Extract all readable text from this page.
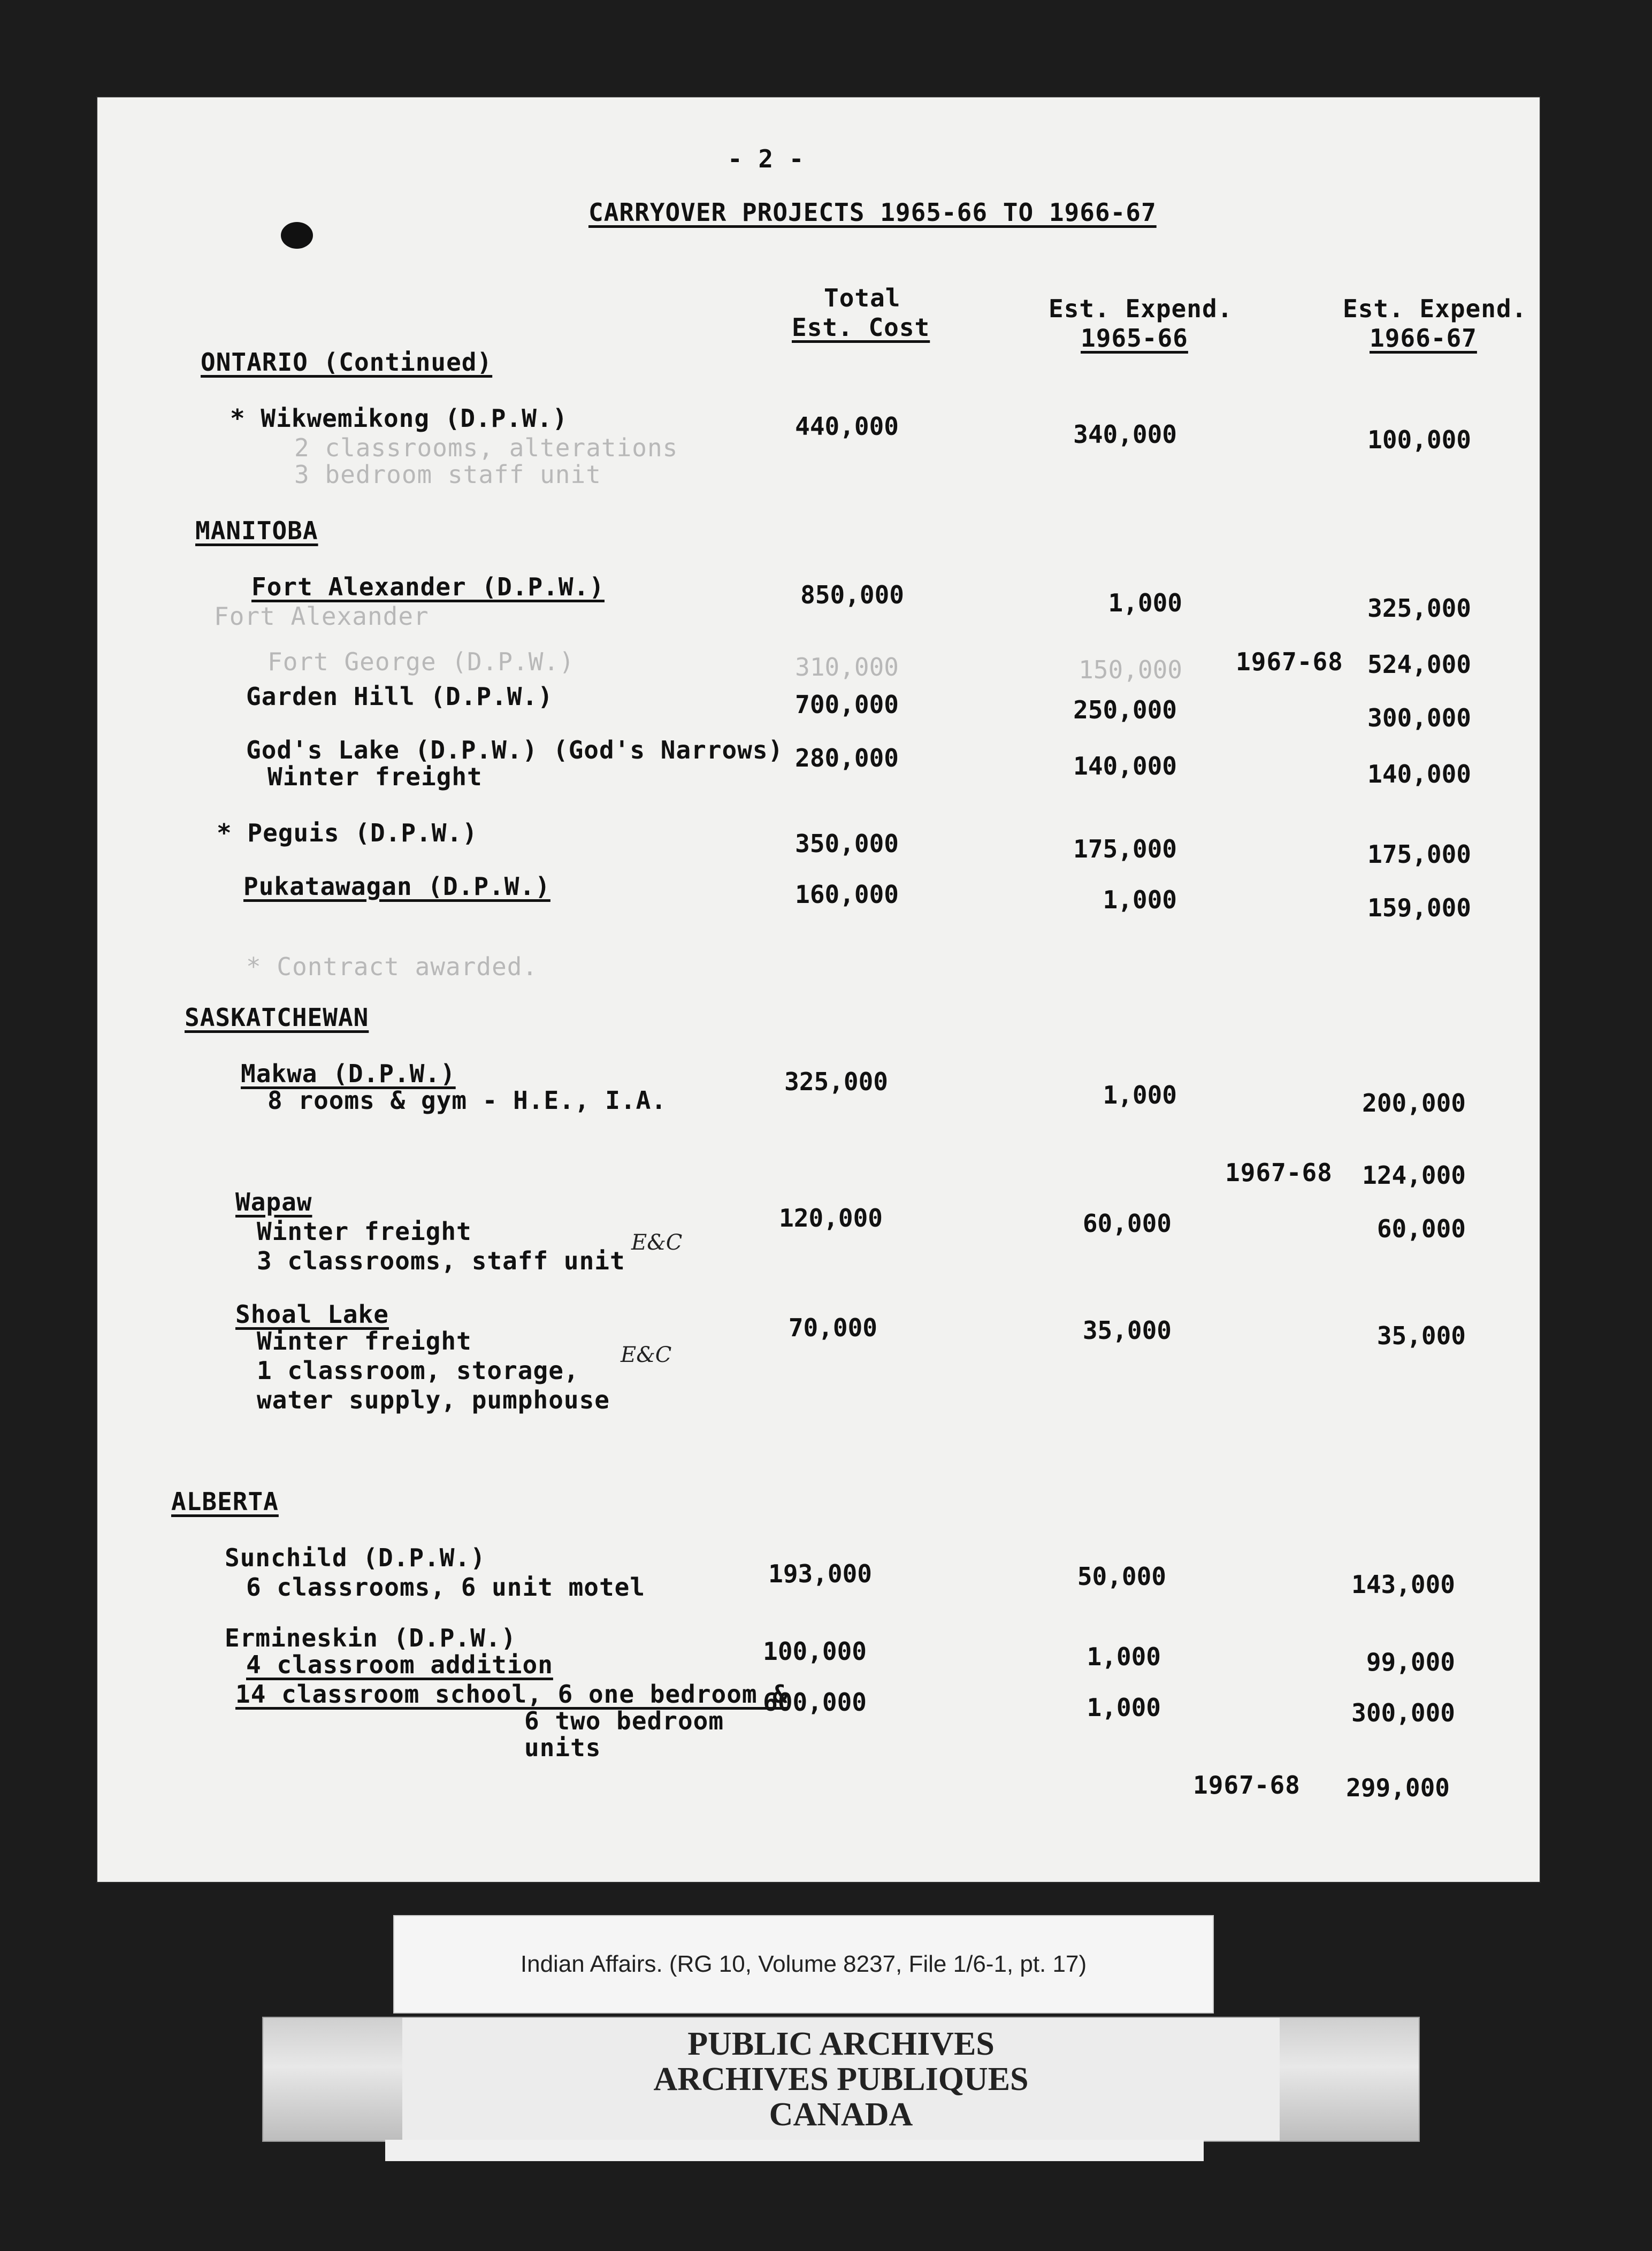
- 2 -
CARRYOVER PROJECTS 1965-66 TO 1966-67
Total
Est. Cost
Est. Expend.
1965-66
Est. Expend.
1966-67
ONTARIO (Continued)
* Wikwemikong (D.P.W.)
2 classrooms, alterations
3 bedroom staff unit
440,000	340,000	100,000
MANITOBA
Fort Alexander (D.P.W.)
Fort Alexander
850,000	1,000	325,000
Fort George (D.P.W.)	310,000	150,000 1967-68 524,000
Garden Hill (D.P.W.)	700,000	250,000	300,000
God's Lake (D.P.W.) (God's Narrows)
Winter freight
280,000	140,000	140,000
* Peguis (D.P.W.)	350,000	175,000	175,000
Pukatawagan (D.P.W.)	160,000	1,000	159,000
* Contract awarded.
SASKATCHEWAN
Makwa (D.P.W.)
8 rooms & gym - H.E., I.A.
325,000	1,000	200,000
1967-68	124,000
Wapaw
Winter freight
3 classrooms, staff unit
E&C
120,000	60,000	60,000
Shoal Lake
Winter freight
1 classroom, storage,
water supply, pumphouse
E&C
70,000	35,000	35,000
ALBERTA
Sunchild (D.P.W.)
6 classrooms, 6 unit motel	193,000	50,000	143,000
Ermineskin (D.P.W.)
4 classroom addition	100,000	1,000	99,000
14 classroom school, 6 one bedroom &
6 two bedroom
units
600,000	1,000	300,000
1967-68	299,000
Indian Affairs. (RG 10, Volume 8237, File 1/6-1, pt. 17)
PUBLIC ARCHIVES
ARCHIVES PUBLIQUES
CANADA
